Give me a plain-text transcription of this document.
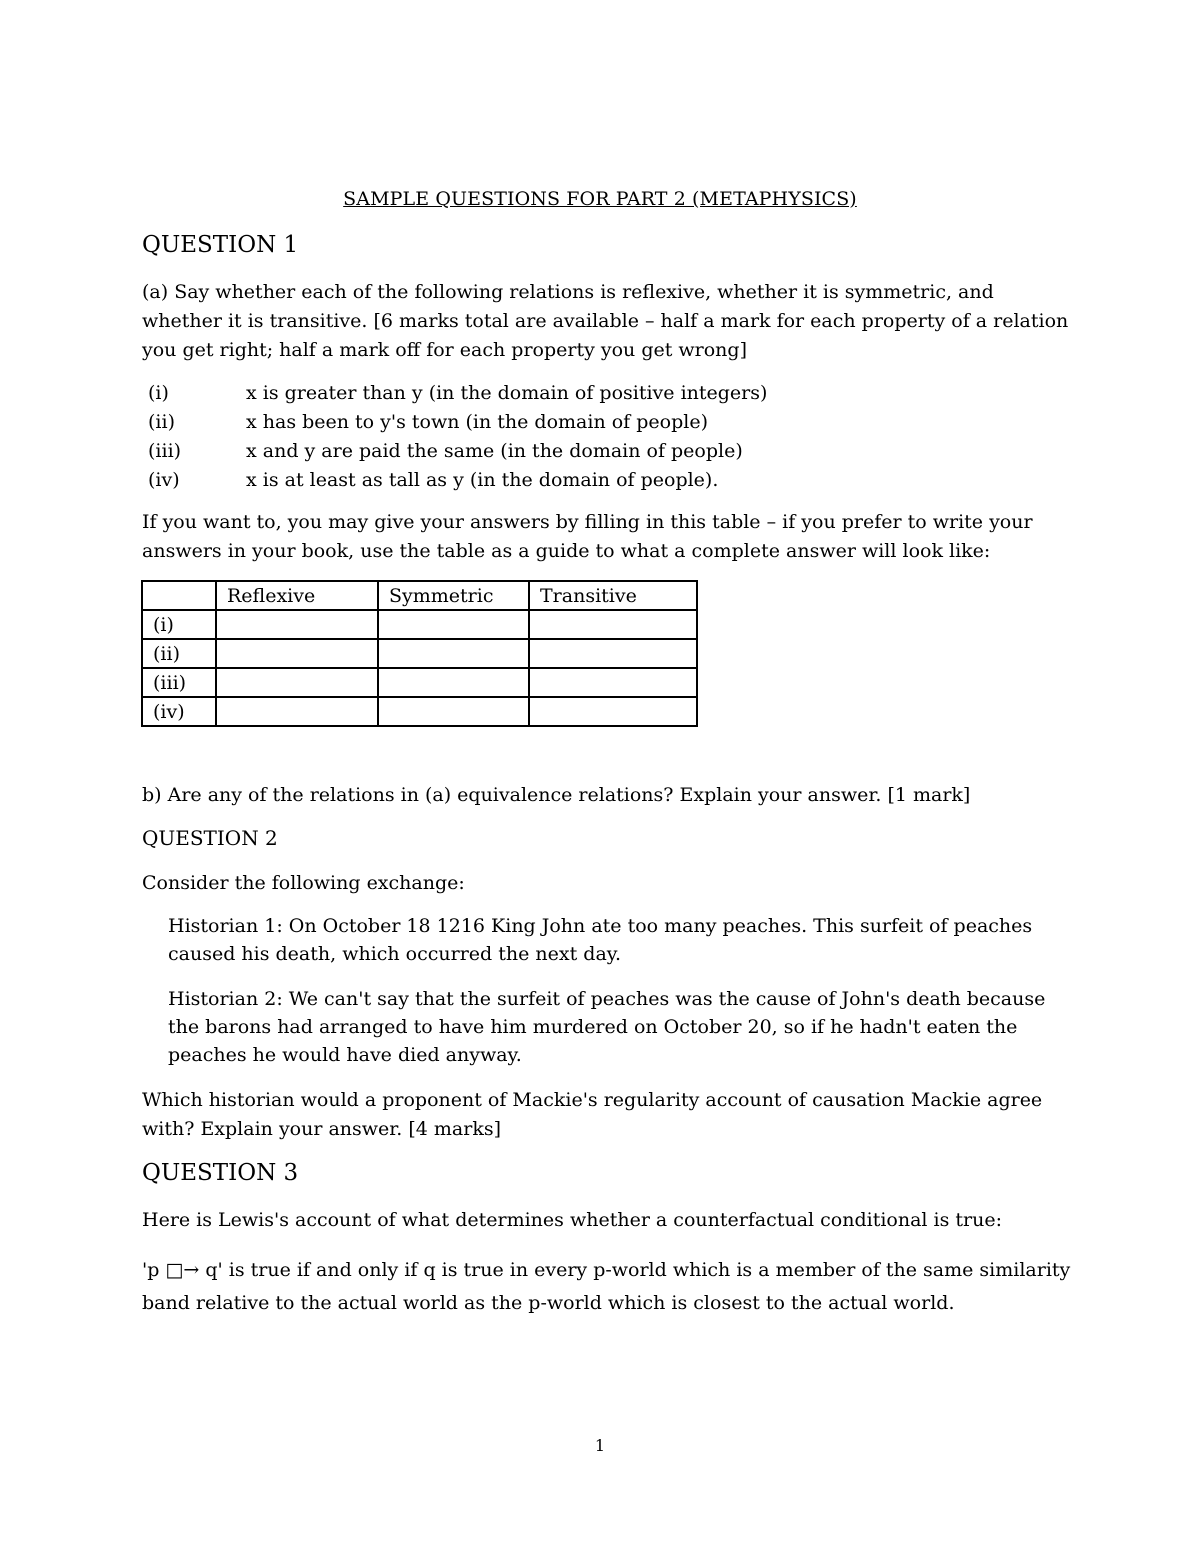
SAMPLE QUESTIONS FOR PART 2 (METAPHYSICS)
QUESTION 1
(a) Say whether each of the following relations is reflexive, whether it is symmetric, and whether it is transitive. [6 marks total are available – half a mark for each property of a relation you get right; half a mark off for each property you get wrong]
(i)	x is greater than y (in the domain of positive integers)
(ii)	x has been to y's town (in the domain of people)
(iii)	x and y are paid the same (in the domain of people)
(iv)	x is at least as tall as y (in the domain of people).
If you want to, you may give your answers by filling in this table – if you prefer to write your answers in your book, use the table as a guide to what a complete answer will look like:
	Reflexive	Symmetric	Transitive
(i)			
(ii)			
(iii)			
(iv)			
b) Are any of the relations in (a) equivalence relations? Explain your answer. [1 mark]
QUESTION 2
Consider the following exchange:
Historian 1: On October 18 1216 King John ate too many peaches. This surfeit of peaches caused his death, which occurred the next day.
Historian 2: We can't say that the surfeit of peaches was the cause of John's death because the barons had arranged to have him murdered on October 20, so if he hadn't eaten the peaches he would have died anyway.
Which historian would a proponent of Mackie's regularity account of causation Mackie agree with? Explain your answer. [4 marks]
QUESTION 3
Here is Lewis's account of what determines whether a counterfactual conditional is true:
'p □→ q' is true if and only if q is true in every p-world which is a member of the same similarity band relative to the actual world as the p-world which is closest to the actual world.
1
